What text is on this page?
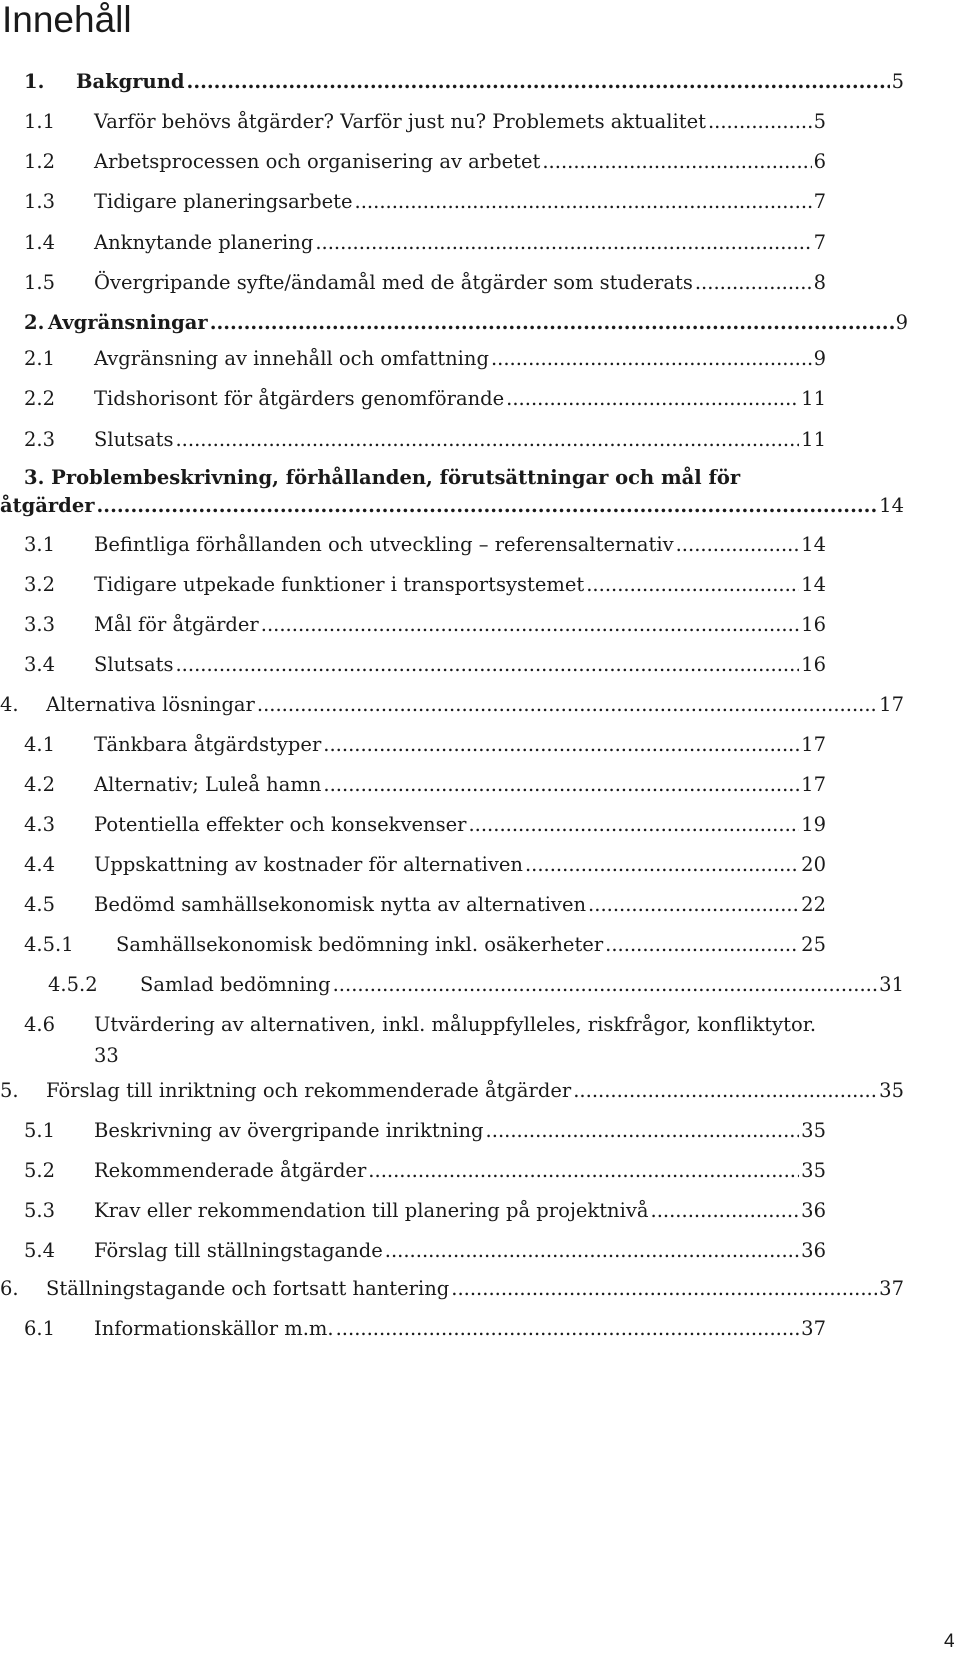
Innehåll
1.	Bakgrund .....	5
1.1	Varför behövs åtgärder? Varför just nu? Problemets aktualitet .....	5
1.2	Arbetsprocessen och organisering av arbetet .....	6
1.3	Tidigare planeringsarbete .....	7
1.4	Anknytande planering .....	7
1.5	Övergripande syfte/ändamål med de åtgärder som studerats .....	8
2. Avgränsningar .....	9
2.1	Avgränsning av innehåll och omfattning .....	9
2.2	Tidshorisont för åtgärders genomförande .....	11
2.3	Slutsats .....	11
3. Problembeskrivning, förhållanden, förutsättningar och mål för
åtgärder .....	14
3.1	Befintliga förhållanden och utveckling – referensalternativ .....	14
3.2	Tidigare utpekade funktioner i transportsystemet .....	14
3.3	Mål för åtgärder .....	16
3.4	Slutsats .....	16
4.	Alternativa lösningar .....	17
4.1	Tänkbara åtgärdstyper .....	17
4.2	Alternativ; Luleå hamn .....	17
4.3	Potentiella effekter och konsekvenser .....	19
4.4	Uppskattning av kostnader för alternativen .....	20
4.5	Bedömd samhällsekonomisk nytta av alternativen .....	22
4.5.1	Samhällsekonomisk bedömning inkl. osäkerheter .....	25
4.5.2	Samlad bedömning .....	31
4.6 Utvärdering av alternativen, inkl. måluppfylleles, riskfrågor, konfliktytor.
33
5.	Förslag till inriktning och rekommenderade åtgärder .....	35
5.1	Beskrivning av övergripande inriktning .....	35
5.2	Rekommenderade åtgärder .....	35
5.3	Krav eller rekommendation till planering på projektnivå .....	36
5.4	Förslag till ställningstagande .....	36
6.	Ställningstagande och fortsatt hantering .....	37
6.1	Informationskällor m.m. .....	37
4
